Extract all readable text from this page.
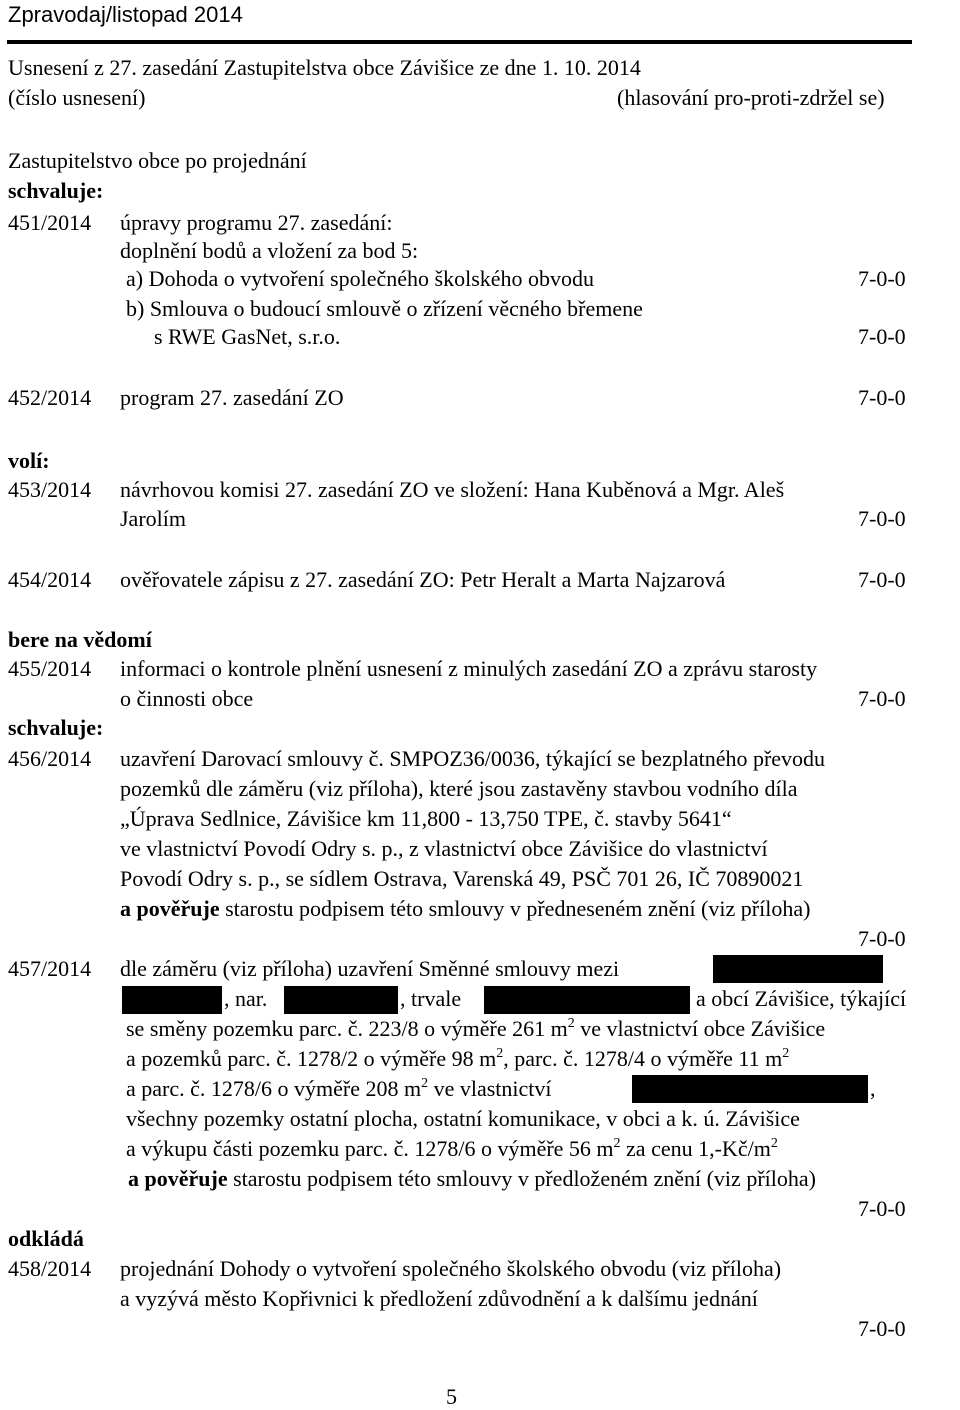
Zpravodaj/listopad 2014
Usnesení z 27. zasedání Zastupitelstva obce Závišice ze dne 1. 10. 2014
(číslo usnesení)	(hlasování pro-proti-zdržel se)
Zastupitelstvo obce po projednání
schvaluje:
451/2014 úpravy programu 27. zasedání:
doplnění bodů a vložení za bod 5:
a) Dohoda o vytvoření společného školského obvodu	7-0-0
b) Smlouva o budoucí smlouvě o zřízení věcného břemene
s RWE GasNet, s.r.o.	7-0-0
452/2014 program 27. zasedání ZO	7-0-0
volí:
453/2014 návrhovou komisi 27. zasedání ZO ve složení: Hana Kuběnová a Mgr. Aleš
Jarolím	7-0-0
454/2014 ověřovatele zápisu z 27. zasedání ZO: Petr Heralt a Marta Najzarová	7-0-0
bere na vědomí
455/2014 informaci o kontrole plnění usnesení z minulých zasedání ZO a zprávu starosty
o činnosti obce	7-0-0
schvaluje:
456/2014 uzavření Darovací smlouvy č. SMPOZ36/0036, týkající se bezplatného převodu
pozemků dle záměru (viz příloha), které jsou zastavěny stavbou vodního díla
„Úprava Sedlnice, Závišice km 11,800 - 13,750 TPE, č. stavby 5641“
ve vlastnictví Povodí Odry s. p., z vlastnictví obce Závišice do vlastnictví
Povodí Odry s. p., se sídlem Ostrava, Varenská 49, PSČ 701 26, IČ 70890021
a pověřuje starostu podpisem této smlouvy v předneseném znění (viz příloha)
7-0-0
457/2014 dle záměru (viz příloha) uzavření Směnné smlouvy mezi
, nar.	, trvale	a obcí Závišice, týkající
se směny pozemku parc. č. 223/8 o výměře 261 $m^2$ ve vlastnictví obce Závišice
a pozemků parc. č. 1278/2 o výměře 98 $m^2$, parc. č. 1278/4 o výměře 11 $m^2$
a parc. č. 1278/6 o výměře 208 $m^2$ ve vlastnictví	,
všechny pozemky ostatní plocha, ostatní komunikace, v obci a k. ú. Závišice
a výkupu části pozemku parc. č. 1278/6 o výměře 56 $m^2$ za cenu $1,-Kč/m^2$
a pověřuje starostu podpisem této smlouvy v předloženém znění (viz příloha)
7-0-0
odkládá
458/2014 projednání Dohody o vytvoření společného školského obvodu (viz příloha)
a vyzývá město Kopřivnici k předložení zdůvodnění a k dalšímu jednání
7-0-0
5
